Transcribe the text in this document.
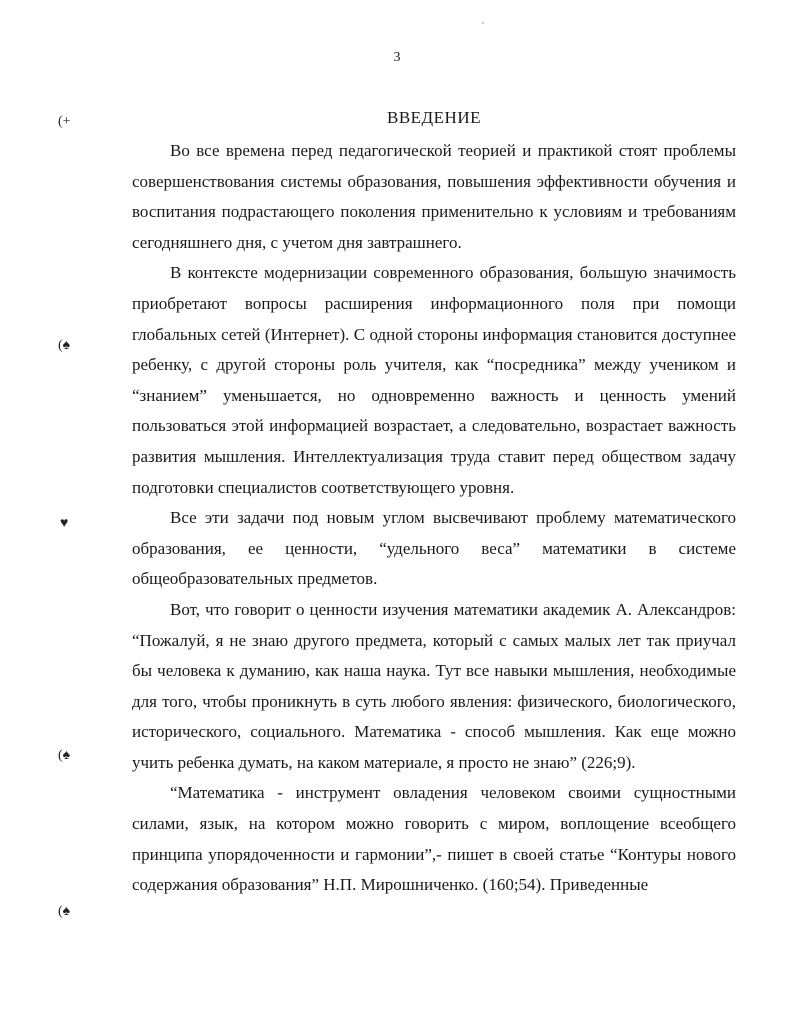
3
ВВЕДЕНИЕ

Во все времена перед педагогической теорией и практикой стоят проблемы совершенствования системы образования, повышения эффективности обучения и воспитания подрастающего поколения применительно к условиям и требованиям сегодняшнего дня, с учетом дня завтрашнего.

В контексте модернизации современного образования, большую значимость приобретают вопросы расширения информационного поля при помощи глобальных сетей (Интернет). С одной стороны информация становится доступнее ребенку, с другой стороны роль учителя, как “посредника” между учеником и “знанием” уменьшается, но одновременно важность и ценность умений пользоваться этой информацией возрастает, а следовательно, возрастает важность развития мышления. Интеллектуализация труда ставит перед обществом задачу подготовки специалистов соответствующего уровня.

Все эти задачи под новым углом высвечивают проблему математического образования, ее ценности, “удельного веса” математики в системе общеобразовательных предметов.

Вот, что говорит о ценности изучения математики академик А. Александров: “Пожалуй, я не знаю другого предмета, который с самых малых лет так приучал бы человека к думанию, как наша наука. Тут все навыки мышления, необходимые для того, чтобы проникнуть в суть любого явления: физического, биологического, исторического, социального. Математика - способ мышления. Как еще можно учить ребенка думать, на каком материале, я просто не знаю” (226;9).

“Математика - инструмент овладения человеком своими сущностными силами, язык, на котором можно говорить с миром, воплощение всеобщего принципа упорядоченности и гармонии”,- пишет в своей статье “Контуры нового содержания образования” Н.П. Мирошниченко. (160;54). Приведенные

(+
(♠
♥
(♠
(♠
